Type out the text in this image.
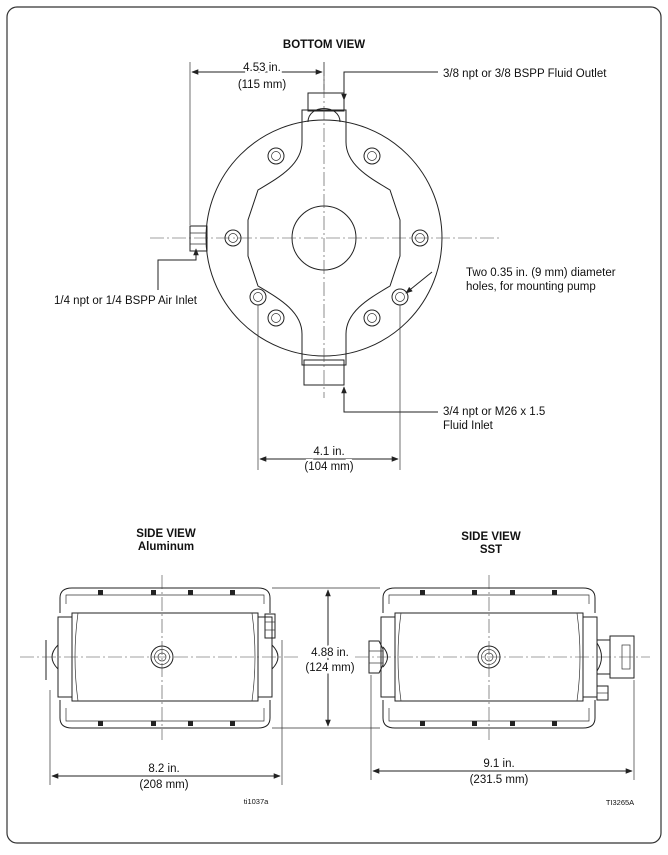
BOTTOM VIEW
4.53 in.
(115 mm)
3/8 npt or 3/8 BSPP Fluid Outlet
1/4 npt or 1/4 BSPP Air Inlet
Two 0.35 in. (9 mm) diameter
holes, for mounting pump
3/4 npt or M26 x 1.5
Fluid Inlet
4.1 in.
(104 mm)
SIDE VIEW
Aluminum
4.88 in.
(124 mm)
8.2 in.
(208 mm)
ti1037a
SIDE VIEW
SST
9.1 in.
(231.5 mm)
TI3265A
